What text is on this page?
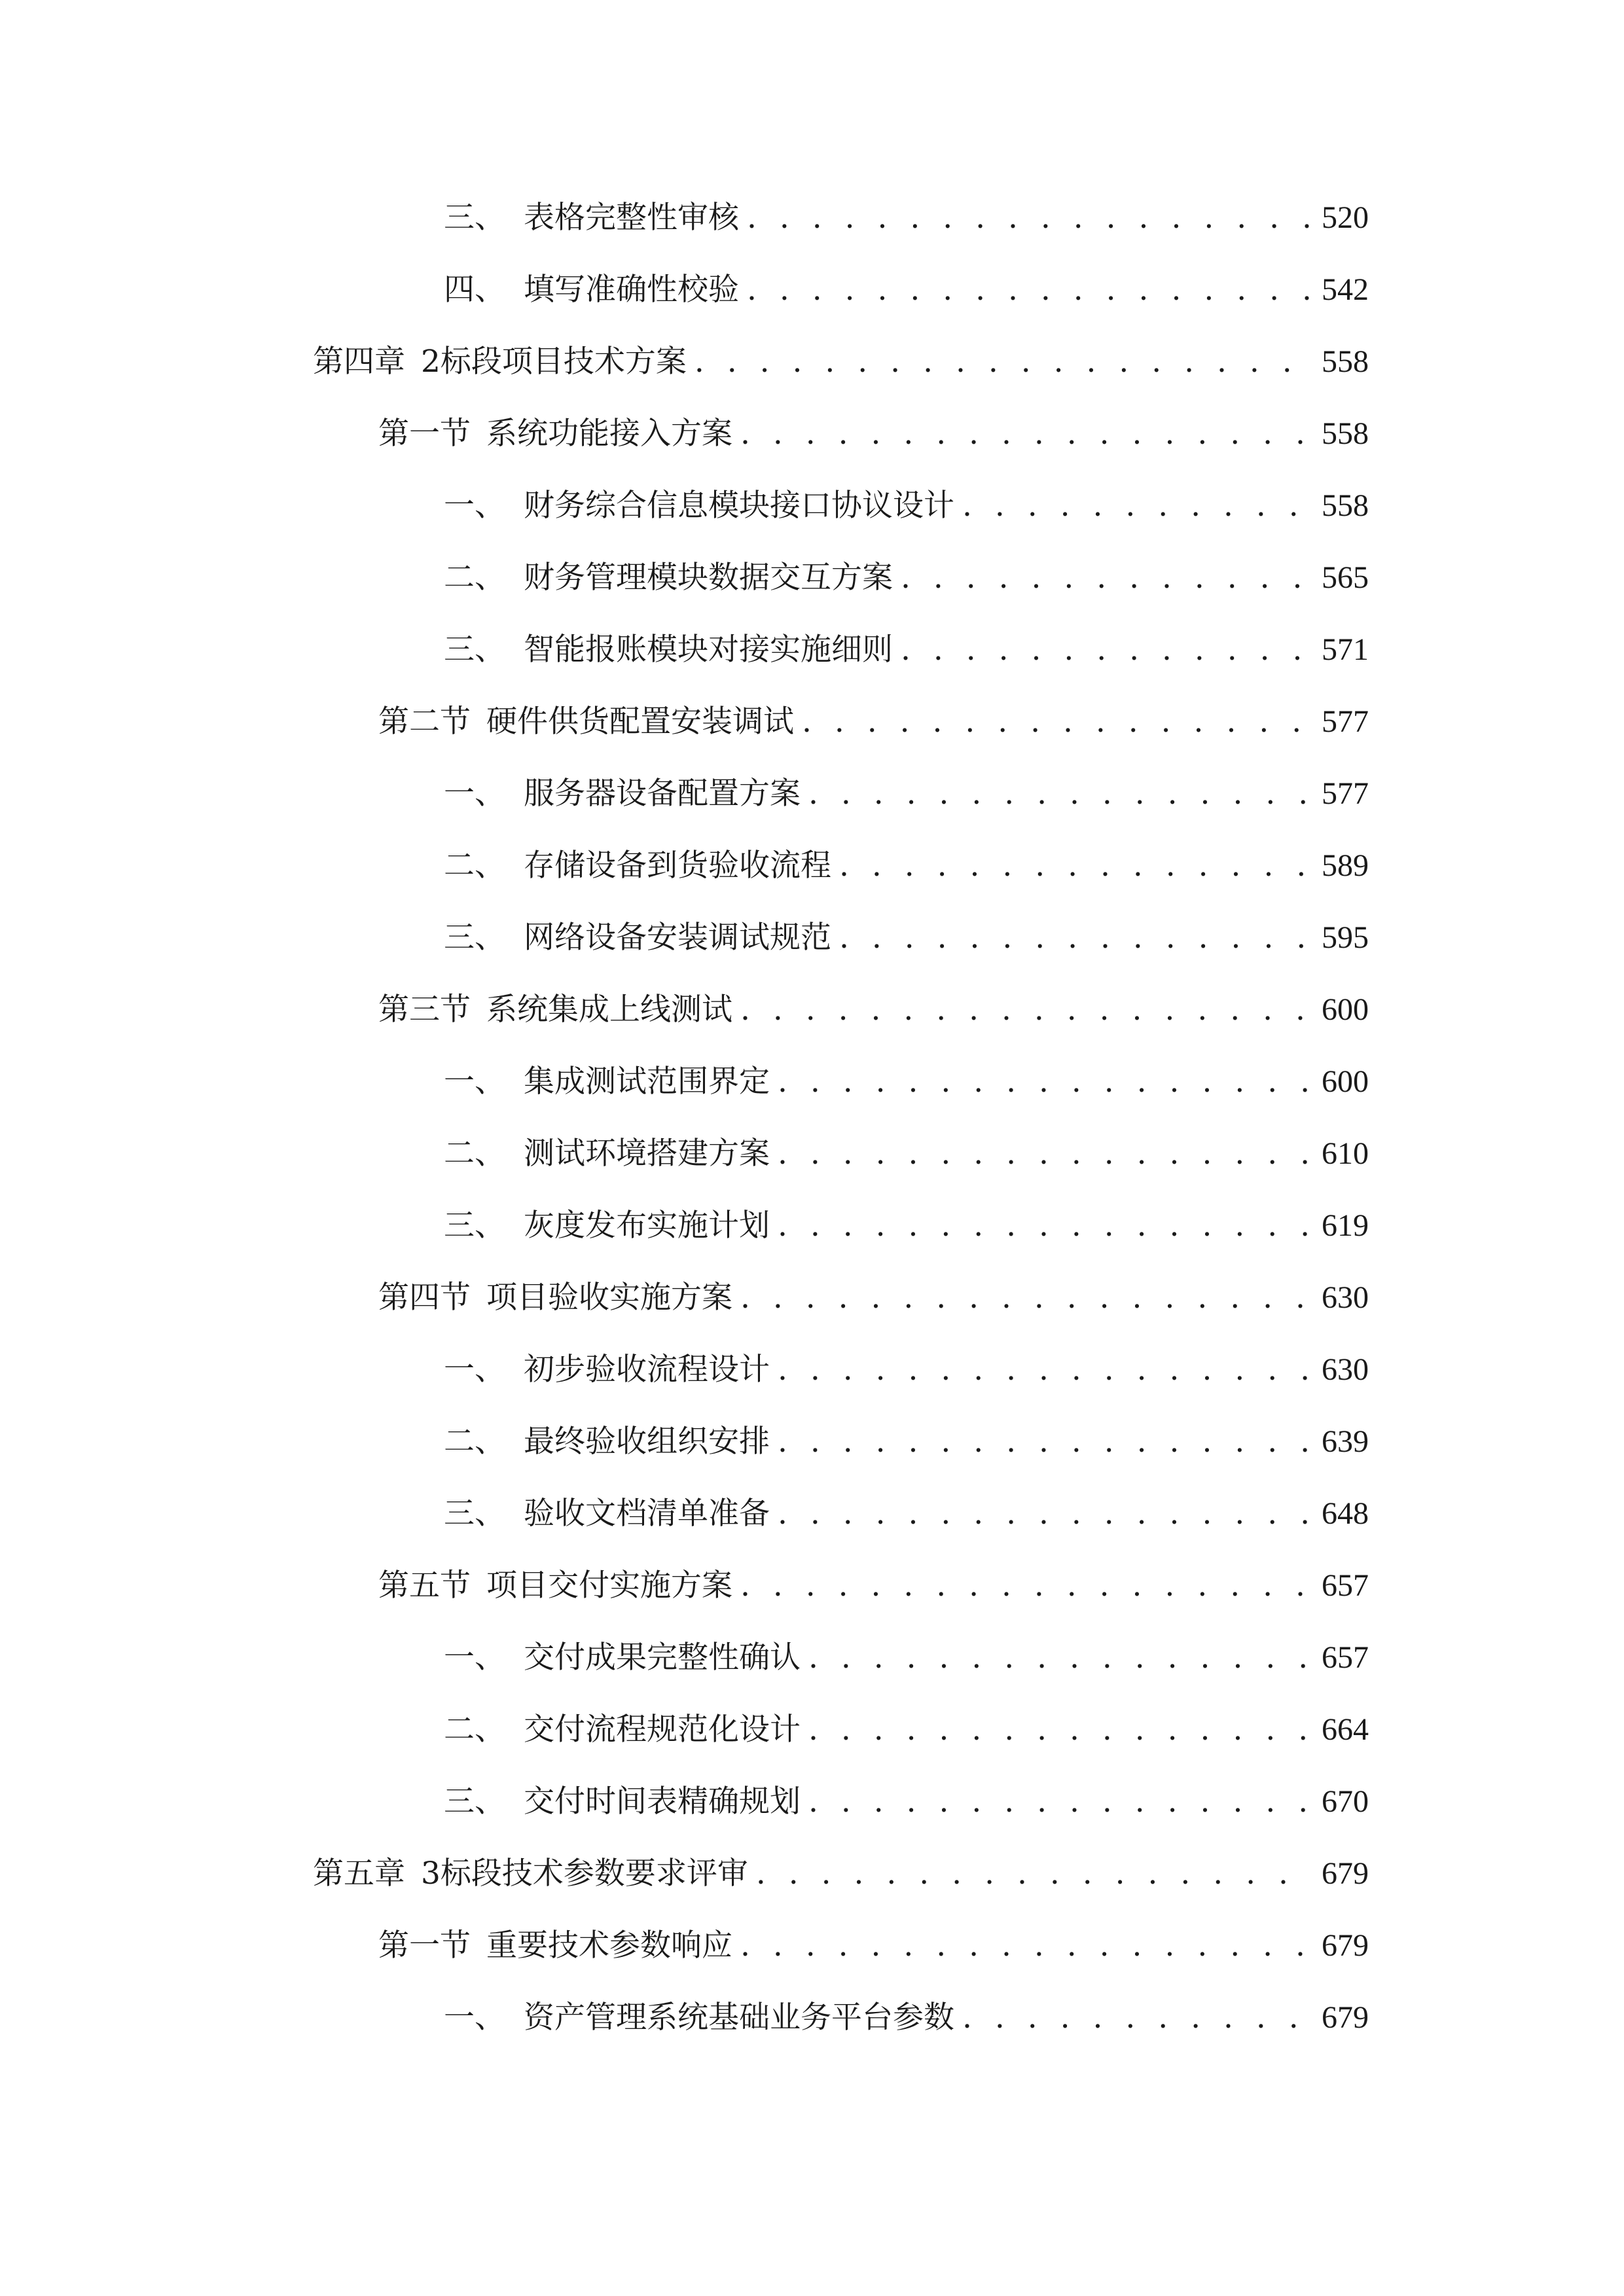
三、 表格完整性审核 . . .	520
四、 填写准确性校验 . . .	542
第四章 2标段项目技术方案 . . .	558
第一节 系统功能接入方案 . . .	558
一、 财务综合信息模块接口协议设计 . . .	558
二、 财务管理模块数据交互方案 . . .	565
三、 智能报账模块对接实施细则 . . .	571
第二节 硬件供货配置安装调试 . . .	577
一、 服务器设备配置方案 . . .	577
二、 存储设备到货验收流程 . . .	589
三、 网络设备安装调试规范 . . .	595
第三节 系统集成上线测试 . . .	600
一、 集成测试范围界定 . . .	600
二、 测试环境搭建方案 . . .	610
三、 灰度发布实施计划 . . .	619
第四节 项目验收实施方案 . . .	630
一、 初步验收流程设计 . . .	630
二、 最终验收组织安排 . . .	639
三、 验收文档清单准备 . . .	648
第五节 项目交付实施方案 . . .	657
一、 交付成果完整性确认 . . .	657
二、 交付流程规范化设计 . . .	664
三、 交付时间表精确规划 . . .	670
第五章 3标段技术参数要求评审 . . .	679
第一节 重要技术参数响应 . . .	679
一、 资产管理系统基础业务平台参数 . . .	679
